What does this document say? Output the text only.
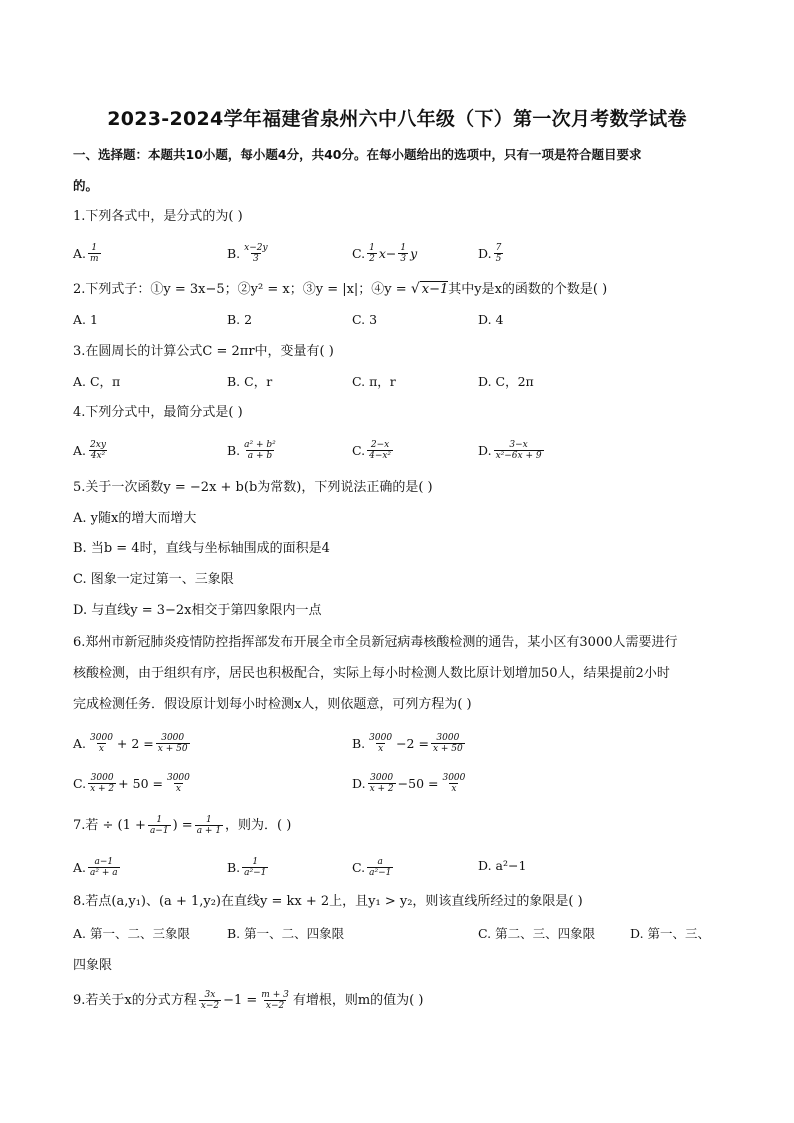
2023-2024学年福建省泉州六中八年级（下）第一次月考数学试卷
一、选择题：本题共10小题，每小题4分，共40分。在每小题给出的选项中，只有一项是符合题目要求
的。
1.下列各式中，是分式的为( )
A. $\frac{1}{m}$	B. $\frac{x-2y}{3}$	C. $\frac{1}{2}$ $x - \frac{1}{3}$ y	D. $\frac{7}{5}$
2.下列式子：①y = 3x−5；②y² = x；③y = |x|；④y = √ x−1其中y是x的函数的个数是( )
A. 1	B. 2	C. 3	D. 4
3.在圆周长的计算公式C = 2πr中，变量有( )
A. C，π	B. C，r	C. π，r	D. C，2π
4.下列分式中，最简分式是( )
A. $\frac{2xy}{\text{4x²}}$	B. $\frac{\text{a² + b²}}{a + b}$	C. $\frac{2-x}{\text{4−x²}}$	D. $\frac{3-x}{\text{x²−6x + 9}}$
5.关于一次函数y = −2x + b(b为常数)，下列说法正确的是( )
A. y随x的增大而增大
B. 当b = 4时，直线与坐标轴围成的面积是4
C. 图象一定过第一、三象限
D. 与直线y = 3−2x相交于第四象限内一点
6.郑州市新冠肺炎疫情防控指挥部发布开展全市全员新冠病毒核酸检测的通告，某小区有3000人需要进行
核酸检测，由于组织有序，居民也积极配合，实际上每小时检测人数比原计划增加50人，结果提前2小时
完成检测任务．假设原计划每小时检测x人，则依题意，可列方程为( )
A. $\frac{3000}{x} + 2 = \frac{3000}{x + 50}$	B. $\frac{3000}{x} -2 = \frac{3000}{x + 50}$
C. $\frac{3000}{x + 2} + 50 = \frac{3000}{x}$	D. $\frac{3000}{x + 2} -50 = \frac{3000}{x}$
7.若 ÷ ($1 + \frac{1}{a-1}$ ) = $\frac{1}{a + 1}$ ，则为．( )
A. $\frac{a-1}{\text{a² + a}}$	B. $\frac{1}{\text{a²−1}}$	C. $\frac{a}{\text{a²−1}}$	D. a²−1
8.若点(a,y₁)、(a + 1,y₂)在直线y = kx + 2上，且y₁ > y₂，则该直线所经过的象限是( )
A. 第一、二、三象限	B. 第一、二、四象限	C. 第二、三、四象限	D. 第一、三、
四象限
9.若关于x的分式方程 $\frac{3x}{x-2} -1 = \frac{m + 3}{x-2}$ 有增根，则m的值为( )
